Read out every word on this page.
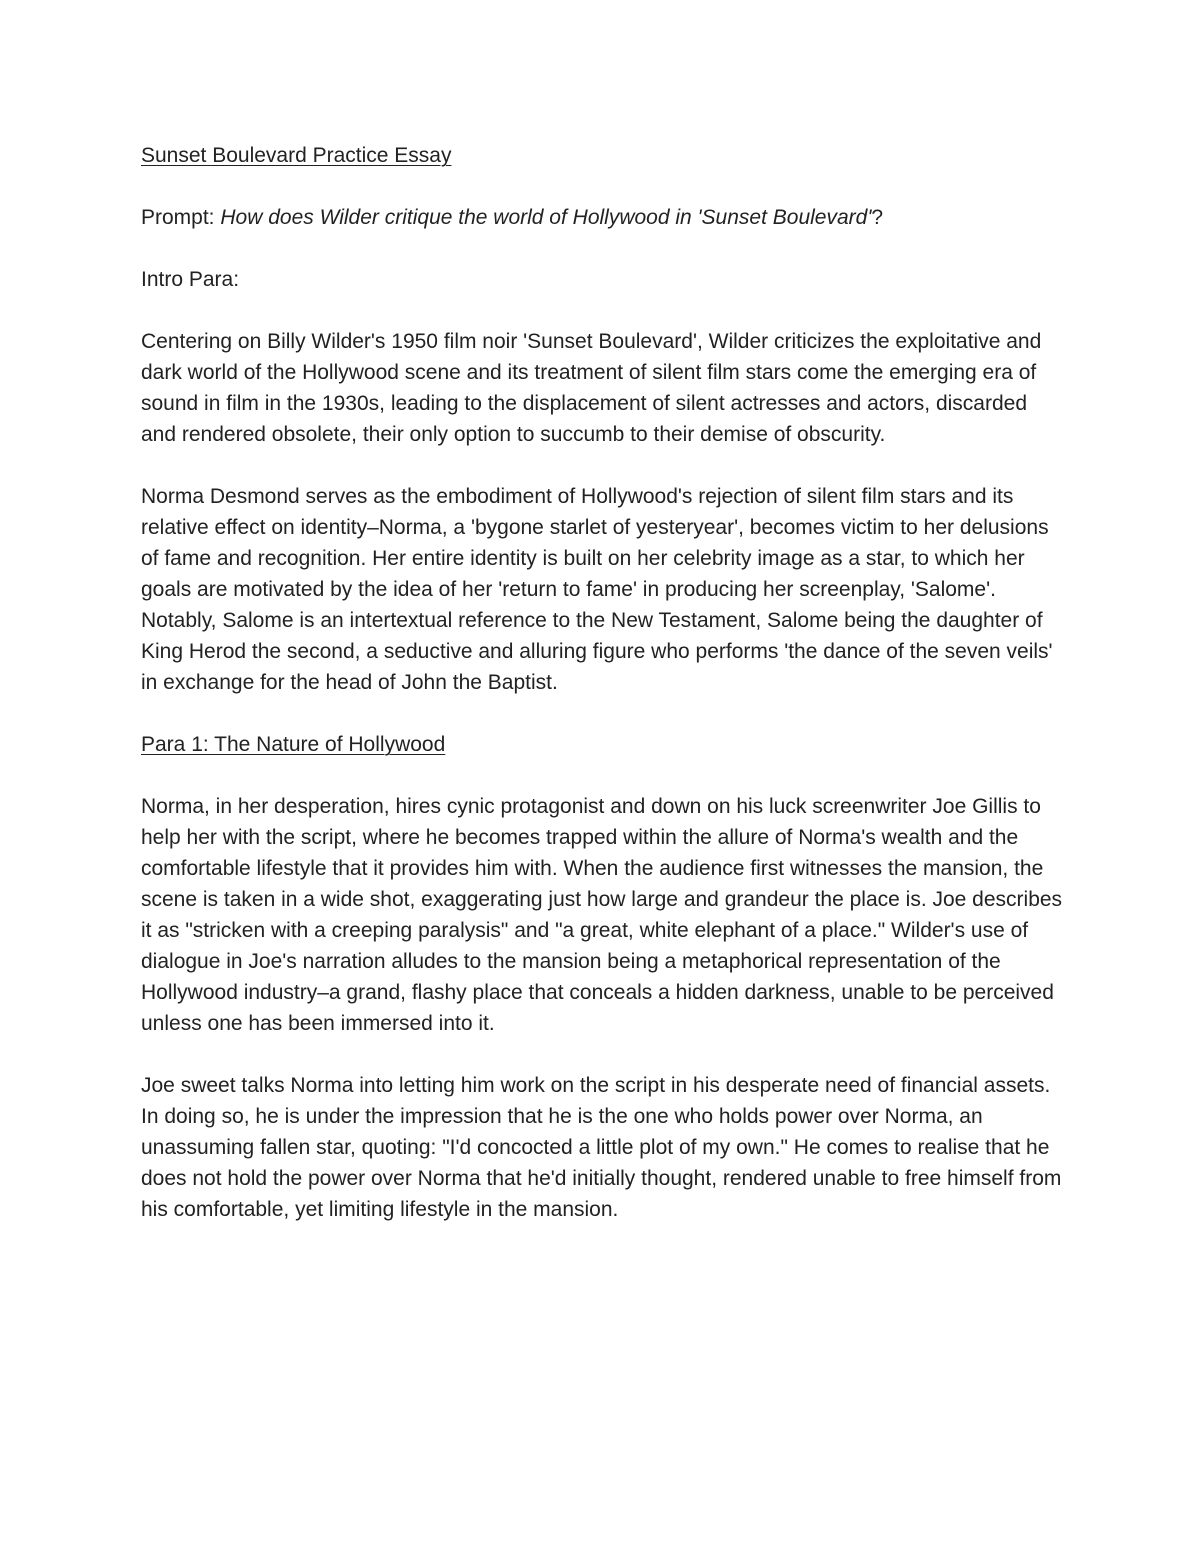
Sunset Boulevard Practice Essay

Prompt: How does Wilder critique the world of Hollywood in 'Sunset Boulevard'?

Intro Para:

Centering on Billy Wilder's 1950 film noir 'Sunset Boulevard', Wilder criticizes the exploitative and dark world of the Hollywood scene and its treatment of silent film stars come the emerging era of sound in film in the 1930s, leading to the displacement of silent actresses and actors, discarded and rendered obsolete, their only option to succumb to their demise of obscurity.

Norma Desmond serves as the embodiment of Hollywood's rejection of silent film stars and its relative effect on identity–Norma, a 'bygone starlet of yesteryear', becomes victim to her delusions of fame and recognition. Her entire identity is built on her celebrity image as a star, to which her goals are motivated by the idea of her 'return to fame' in producing her screenplay, 'Salome'. Notably, Salome is an intertextual reference to the New Testament, Salome being the daughter of King Herod the second, a seductive and alluring figure who performs 'the dance of the seven veils' in exchange for the head of John the Baptist.

Para 1: The Nature of Hollywood

Norma, in her desperation, hires cynic protagonist and down on his luck screenwriter Joe Gillis to help her with the script, where he becomes trapped within the allure of Norma's wealth and the comfortable lifestyle that it provides him with. When the audience first witnesses the mansion, the scene is taken in a wide shot, exaggerating just how large and grandeur the place is. Joe describes it as "stricken with a creeping paralysis" and "a great, white elephant of a place." Wilder's use of dialogue in Joe's narration alludes to the mansion being a metaphorical representation of the Hollywood industry–a grand, flashy place that conceals a hidden darkness, unable to be perceived unless one has been immersed into it.

Joe sweet talks Norma into letting him work on the script in his desperate need of financial assets. In doing so, he is under the impression that he is the one who holds power over Norma, an unassuming fallen star, quoting: "I'd concocted a little plot of my own." He comes to realise that he does not hold the power over Norma that he'd initially thought, rendered unable to free himself from his comfortable, yet limiting lifestyle in the mansion.
